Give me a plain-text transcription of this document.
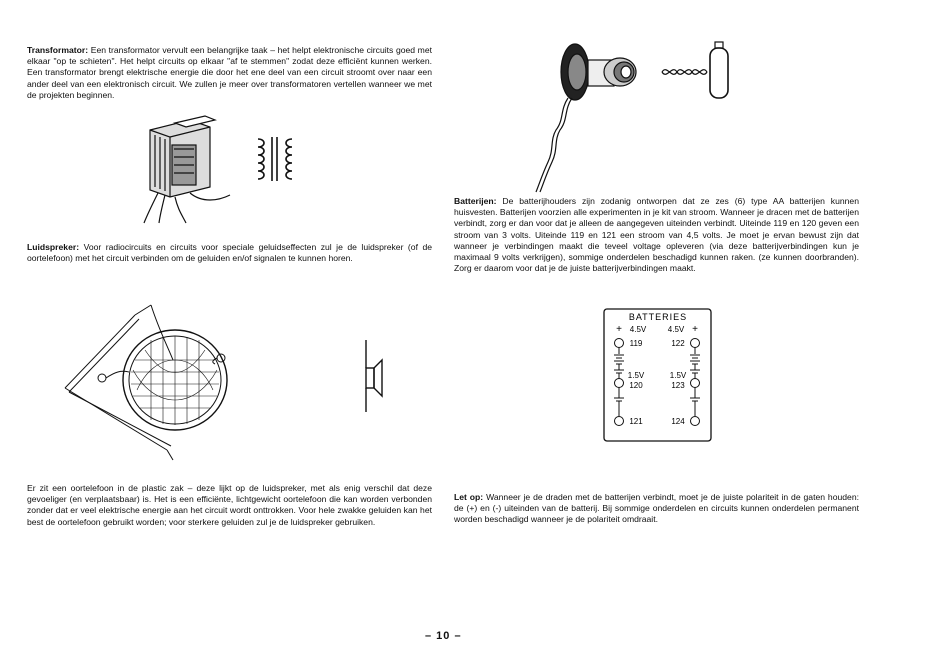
Transformator: Een transformator vervult een belangrijke taak – het helpt elektronische circuits goed met elkaar "op te schieten". Het helpt circuits op elkaar "af te stemmen" zodat deze efficiënt kunnen werken. Een transformator brengt elektrische energie die door het ene deel van een circuit stroomt over naar een ander deel van een elektronisch circuit. We zullen je meer over transformatoren vertellen wanneer we met de projekten beginnen.

Luidspreker: Voor radiocircuits en circuits voor speciale geluidseffecten zul je de luidspreker (of de oortelefoon) met het circuit verbinden om de geluiden en/of signalen te kunnen horen.

Er zit een oortelefoon in de plastic zak – deze lijkt op de luidspreker, met als enig verschil dat deze gevoeliger (en verplaatsbaar) is. Het is een efficiënte, lichtgewicht oortelefoon die kan worden verbonden zonder dat er veel elektrische energie aan het circuit wordt onttrokken. Voor hele zwakke geluiden kan het best de oortelefoon gebruikt worden; voor sterkere geluiden zul je de luidspreker gebruiken.

Batterijen: De batterijhouders zijn zodanig ontworpen dat ze zes (6) type AA batterijen kunnen huisvesten. Batterijen voorzien alle experimenten in je kit van stroom. Wanneer je dracen met de batterijen verbindt, zorg er dan voor dat je alleen de aangegeven uiteinden verbindt. Uiteinde 119 en 120 geven een stroom van 3 volts. Uiteinde 119 en 121 een stroom van 4,5 volts. Je moet je ervan bewust zijn dat wanneer je verbindingen maakt die teveel voltage opleveren (via deze batterijverbindingen kun je maximaal 9 volts verkrijgen), sommige onderdelen beschadigd kunnen raken. (ze kunnen doorbranden). Zorg er daarom voor dat je de juiste batterijverbindingen maakt.

Let op: Wanneer je de draden met de batterijen verbindt, moet je de juiste polariteit in de gaten houden: de (+) en (-) uiteinden van de batterij. Bij sommige onderdelen en circuits kunnen onderdelen permanent worden beschadigd wanneer je de polariteit omdraait.

BATTERIES
+ 4.5V	4.5V +
119	122
1.5V	1.5V
120	123
121	124
– 10 –
